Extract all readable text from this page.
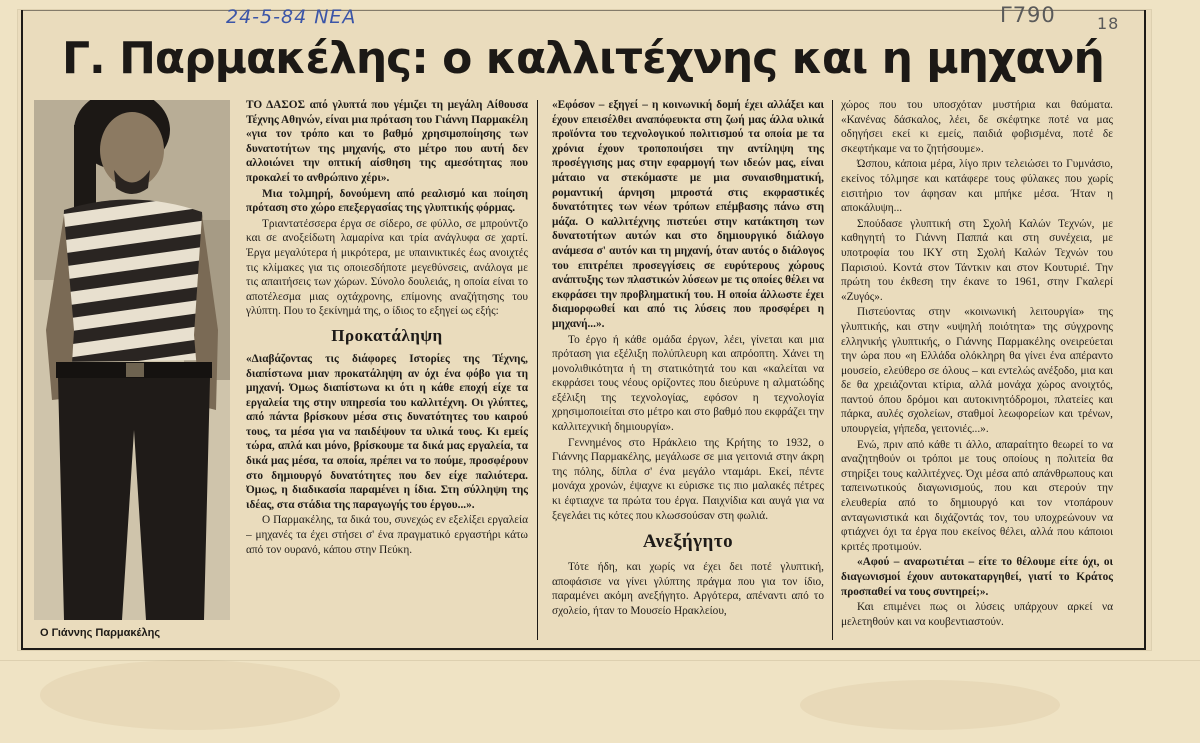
24-5-84 ΝΕΑ	Γ790	18
Γ. Παρμακέλης: ο καλλιτέχνης και η μηχανή
Ο Γιάννης Παρμακέλης

ΤΟ ΔΑΣΟΣ από γλυπτά που γέμιζει τη μεγάλη Αίθουσα Τέχνης Αθηνών, είναι μια πρόταση του Γιάννη Παρμακέλη «για τον τρόπο και το βαθμό χρησιμοποίησης των δυνατοτήτων της μηχανής, στο μέτρο που αυτή δεν αλλοιώνει την οπτική αίσθηση της αμεσότητας που προκαλεί το ανθρώπινο χέρι».

Μια τολμηρή, δονούμενη από ρεαλισμό και ποίηση πρόταση στο χώρο επεξεργασίας της γλυπτικής φόρμας.

Τριαντατέσσερα έργα σε σίδερο, σε φύλλο, σε μπρούντζο και σε ανοξείδωτη λαμαρίνα και τρία ανάγλυφα σε χαρτί. Έργα μεγαλύτερα ή μικρότερα, με υπαινικτικές έως ανοιχτές τις κλίμακες για τις οποιεσδήποτε μεγεθύνσεις, ανάλογα με τις απαιτήσεις των χώρων. Σύνολο δουλειάς, η οποία είναι το αποτέλεσμα μιας οχτάχρονης, επίμονης αναζήτησης του γλύπτη. Που το ξεκίνημά της, ο ίδιος το εξηγεί ως εξής:

Προκατάληψη

«Διαβάζοντας τις διάφορες Ιστορίες της Τέχνης, διαπίστωνα μιαν προκατάληψη αν όχι ένα φόβο για τη μηχανή. Όμως διαπίστωνα κι ότι η κάθε εποχή είχε τα εργαλεία της στην υπηρεσία του καλλιτέχνη. Οι γλύπτες, από πάντα βρίσκουν μέσα στις δυνατότητες του καιρού τους, τα μέσα για να παιδέψουν τα υλικά τους. Κι εμείς τώρα, απλά και μόνο, βρίσκουμε τα δικά μας εργαλεία, τα δικά μας μέσα, τα οποία, πρέπει να το πούμε, προσφέρουν στο δημιουργό δυνατότητες που δεν είχε παλιότερα. Όμως, η διαδικασία παραμένει η ίδια. Στη σύλληψη της ιδέας, στα στάδια της παραγωγής του έργου...».

Ο Παρμακέλης, τα δικά του, συνεχώς εν εξελίξει εργαλεία – μηχανές τα έχει στήσει σ' ένα πραγματικό εργαστήρι κάτω από τον ουρανό, κάπου στην Πεύκη.

«Εφόσον – εξηγεί – η κοινωνική δομή έχει αλλάξει και έχουν επεισέλθει αναπόφευκτα στη ζωή μας άλλα υλικά προϊόντα του τεχνολογικού πολιτισμού τα οποία με τα χρόνια έχουν τροποποιήσει την αντίληψη της προσέγγισης μας στην εφαρμογή των ιδεών μας, είναι μάταιο να στεκόμαστε με μια συναισθηματική, ρομαντική άρνηση μπροστά στις εκφραστικές δυνατότητες των νέων τρόπων επέμβασης πάνω στη μάζα. Ο καλλιτέχνης πιστεύει στην κατάκτηση των δυνατοτήτων αυτών και στο δημιουργικό διάλογο ανάμεσα σ' αυτόν και τη μηχανή, όταν αυτός ο διάλογος του επιτρέπει προσεγγίσεις σε ευρύτερους χώρους ανάπτυξης των πλαστικών λύσεων με τις οποίες θέλει να εκφράσει την προβληματική του. Η οποία άλλωστε έχει διαμορφωθεί και από τις λύσεις που προσφέρει η μηχανή...».

Το έργο ή κάθε ομάδα έργων, λέει, γίνεται και μια πρόταση για εξέλιξη πολύπλευρη και απρόοπτη. Χάνει τη μονολιθικότητα ή τη στατικότητά του και «καλείται να εκφράσει τους νέους ορίζοντες που διεύρυνε η αλματώδης εξέλιξη της τεχνολογίας, εφόσον η τεχνολογία χρησιμοποιείται στο μέτρο και στο βαθμό που εκφράζει την καλλιτεχνική δημιουργία».

Γεννημένος στο Ηράκλειο της Κρήτης το 1932, ο Γιάννης Παρμακέλης, μεγάλωσε σε μια γειτονιά στην άκρη της πόλης, δίπλα σ' ένα μεγάλο νταμάρι. Εκεί, πέντε μονάχα χρονών, έψαχνε κι εύρισκε τις πιο μαλακές πέτρες κι έφτιαχνε τα πρώτα του έργα. Παιχνίδια και αυγά για να ξεγελάει τις κότες που κλωσσούσαν στη φωλιά.

Ανεξήγητο

Τότε ήδη, και χωρίς να έχει δει ποτέ γλυπτική, αποφάσισε να γίνει γλύπτης πράγμα που για τον ίδιο, παραμένει ακόμη ανεξήγητο. Αργότερα, απέναντι από το σχολείο, ήταν το Μουσείο Ηρακλείου,

χώρος που του υποσχόταν μυστήρια και θαύματα. «Κανένας δάσκαλος, λέει, δε σκέφτηκε ποτέ να μας οδηγήσει εκεί κι εμείς, παιδιά φοβισμένα, ποτέ δε σκεφτήκαμε να το ζητήσουμε».

Ώσπου, κάποια μέρα, λίγο πριν τελειώσει το Γυμνάσιο, εκείνος τόλμησε και κατάφερε τους φύλακες που χωρίς εισιτήριο τον άφησαν και μπήκε μέσα. Ήταν η αποκάλυψη...

Σπούδασε γλυπτική στη Σχολή Καλών Τεχνών, με καθηγητή το Γιάννη Παππά και στη συνέχεια, με υποτροφία του ΙΚΥ στη Σχολή Καλών Τεχνών του Παρισιού. Κοντά στον Τάντκιν και στον Κουτυριέ. Την πρώτη του έκθεση την έκανε το 1961, στην Γκαλερί «Ζυγός».

Πιστεύοντας στην «κοινωνική λειτουργία» της γλυπτικής, και στην «υψηλή ποιότητα» της σύγχρονης ελληνικής γλυπτικής, ο Γιάννης Παρμακέλης ονειρεύεται την ώρα που «η Ελλάδα ολόκληρη θα γίνει ένα απέραντο μουσείο, ελεύθερο σε όλους – και εντελώς ανέξοδο, μια και δε θα χρειάζονται κτίρια, αλλά μονάχα χώρος ανοιχτός, παντού όπου δρόμοι και αυτοκινητόδρομοι, πλατείες και πάρκα, αυλές σχολείων, σταθμοί λεωφορείων και τρένων, υπουργεία, γήπεδα, γειτονιές...».

Ενώ, πριν από κάθε τι άλλο, απαραίτητο θεωρεί το να αναζητηθούν οι τρόποι με τους οποίους η πολιτεία θα στηρίξει τους καλλιτέχνες. Όχι μέσα από απάνθρωπους και ταπεινωτικούς διαγωνισμούς, που και στερούν την ελευθερία από το δημιουργό και τον ντοπάρουν ανταγωνιστικά και διχάζοντάς τον, του υποχρεώνουν να φτιάχνει όχι τα έργα που εκείνος θέλει, αλλά που κάποιοι κριτές προτιμούν.

«Αφού – αναρωτιέται – είτε το θέλουμε είτε όχι, οι διαγωνισμοί έχουν αυτοκαταργηθεί, γιατί το Κράτος προσπαθεί να τους συντηρεί;».

Και επιμένει πως οι λύσεις υπάρχουν αρκεί να μελετηθούν και να κουβεντιαστούν.
